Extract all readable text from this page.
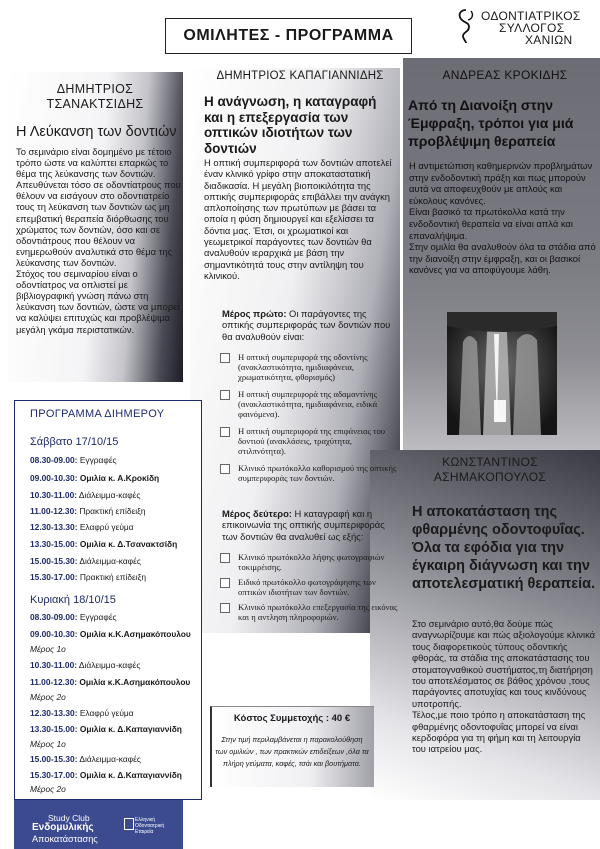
ΟΜΙΛΗΤΕΣ - ΠΡΟΓΡΑΜΜΑ
ΟΔΟΝΤΙΑΤΡΙΚΟΣ
ΣΥΛΛΟΓΟΣ
ΧΑΝΙΩΝ
ΔΗΜΗΤΡΙΟΣ
ΤΣΑΝΑΚΤΣΙΔΗΣ
Η Λεύκανση των δοντιών
Το σεμινάριο είναι δομημένο με τέτοιο τρόπο ώστε να καλύπτει επαρκώς το θέμα της λεύκανσης των δοντιών. Απευθύνεται τόσο σε οδοντίατρους που θέλουν να εισάγουν στο οδοντιατρείο τους τη λεύκανση των δοντιών ως μη επεμβατική θεραπεία διόρθωσης του χρώματος των δοντιών, όσο και σε οδοντιάτρους που θέλουν να ενημερωθούν αναλυτικά στο θέμα της λεύκανσης των δοντιών.
Στόχος του σεμιναρίου είναι ο οδοντίατρος να οπλιστεί με βιβλιογραφική γνώση πάνω στη λεύκανση των δοντιών, ώστε να μπορεί να καλύψει επιτυχώς και προβλέψιμα μεγάλη γκάμα περιστατικών.
ΔΗΜΗΤΡΙΟΣ ΚΑΠΑΓΙΑΝΝΙΔΗΣ
Η ανάγνωση, η καταγραφή και η επεξεργασία των οπτικών ιδιοτήτων των δοντιών
Η οπτική συμπεριφορά των δοντιών αποτελεί έναν κλινικό γρίφο στην αποκαταστατική διαδικασία. Η μεγάλη βιοποικιλότητα της οπτικής συμπεριφοράς επιβάλλει την ανάγκη απλοποίησης των πρωτύπων με βάσει τα οποία η φύση δημιουργεί και εξελίσσει τα δόντια μας. Έτσι, οι χρωματικοί και γεωμετρικοί παράγοντες των δοντιών θα αναλυθούν ιεραρχικά με βάση την σημαντικότητά τους στην αντίληψη του κλινικού.
Μέρος πρώτο: Οι παράγοντες της οπτικής συμπεριφοράς των δοντιών που θα αναλυθούν είναι:
Η οπτική συμπεριφορά της οδοντίνης (ανακλαστικότητα, ημιδιαφάνεια, χρωματικότητα, φθορισμός)
Η οπτική συμπεριφορά της αδαμαντίνης (ανακλαστικότητα, ημιδιαφάνεια, ειδικά φαινόμενα).
Η οπτική συμπεριφορά της επιφάνειας του δοντιού (ανακλάσεις, τραχύτητα, στιλπνότητα).
Κλινικό πρωτόκολλο καθορισμού της οπτικής συμπεριφοράς των δοντιών.
Μέρος δεύτερο: Η καταγραφή και η επικοινωνία της οπτικής συμπεριφοράς των δοντιών θα αναλυθεί ως εξής:
Κλινικό πρωτόκολλο λήψης φωτογραφιών τοκιμρέισης.
Ειδικό πρωτόκολλο φωτογράφησης των οπτικών ιδιοτήτων των δοντιών.
Κλινικό πρωτόκολλο επεξεργασία της εικόνας και η αντληση πληροφοριών.
ΑΝΔΡΕΑΣ ΚΡΟΚΙΔΗΣ
Από τη Διανοίξη στην Έμφραξη, τρόποι για μιά προβλέψιμη θεραπεία
Η αντιμετώπιση καθημερινών προβλημάτων στην ενδοδοντική πράξη και πως μπορούν αυτά να αποφευχθούν με απλούς και εύκολους κανόνες.
Είναι βασικό τα πρωτόκολλα κατά την ενδοδοντική θεραπεία να είναι απλά και επαναλήψιμα.
Στην ομιλία θα αναλυθούν όλα τα στάδια από την διανοίξη στην έμφραξη, και οι βασικοί κανόνες για να αποφύγουμε λάθη.
ΚΩΝΣΤΑΝΤΙΝΟΣ
ΑΣΗΜΑΚΟΠΟΥΛΟΣ
Η αποκατάσταση της φθαρμένης οδοντοφυΐας. Όλα τα εφόδια για την έγκαιρη διάγνωση και την αποτελεσματική θεραπεία.
Στο σεμινάριο αυτό,θα δούμε πώς αναγνωρίζουμε και πώς αξιολογούμε κλινικά τους διαφορετικούς τύπους οδοντικής φθοράς, τα στάδια της αποκατάστασης του στοματογναθικού συστήματος,τη διατήρηση του αποτελέσματος σε βάθος χρόνου ,τους παράγοντες αποτυχίας και τους κινδύνους υποτροπής.
Τέλος,με ποιο τρόπο η αποκατάσταση της φθαρμένης οδοντοφυΐας μπορεί να είναι κερδοφόρα για τη φήμη και τη λειτουργία του ιατρείου μας.
ΠΡΟΓΡΑΜΜΑ ΔΙΗΜΕΡΟΥ
Σάββατο 17/10/15
08.30-09.00: Εγγραφές
09.00-10.30: Ομιλία κ. Α.Κροκίδη
10.30-11.00: Διάλειμμα-καφές
11.00-12.30: Πρακτική επίδειξη
12.30-13.30: Ελαφρύ γεύμα
13.30-15.00: Ομιλία κ. Δ.Τσανακτσίδη
15.00-15.30: Διάλειμμα-καφές
15.30-17.00: Πρακτική επίδειξη
Κυριακή 18/10/15
08.30-09.00: Εγγραφές
09.00-10.30: Ομιλία κ.Κ.Ασημακόπουλου
Μέρος 1ο
10.30-11.00: Διάλειμμα-καφές
11.00-12.30: Ομιλία κ.Κ.Ασημακόπουλου
Μέρος 2ο
12.30-13.30: Ελαφρύ γεύμα
13.30-15.00: Ομιλία κ. Δ.Καπαγιαννίδη
Μέρος 1ο
15.00-15.30: Διάλειμμα-καφές
15.30-17.00: Ομιλία κ. Δ.Καπαγιαννίδη
Μέρος 2ο
Κόστος Συμμετοχής : 40 €
Στην τιμή περιλαμβάνεται η παρακολούθηση
των ομιλιών , των πρακτικών επιδείξεων ,όλα τα
πλήρη γεύματα, καφές, τσάι και βουτήματα.
Study Club
Ενδομυλικής
Αποκατάστασης
Ελληνική Οδοντιατρική Εταιρεία
